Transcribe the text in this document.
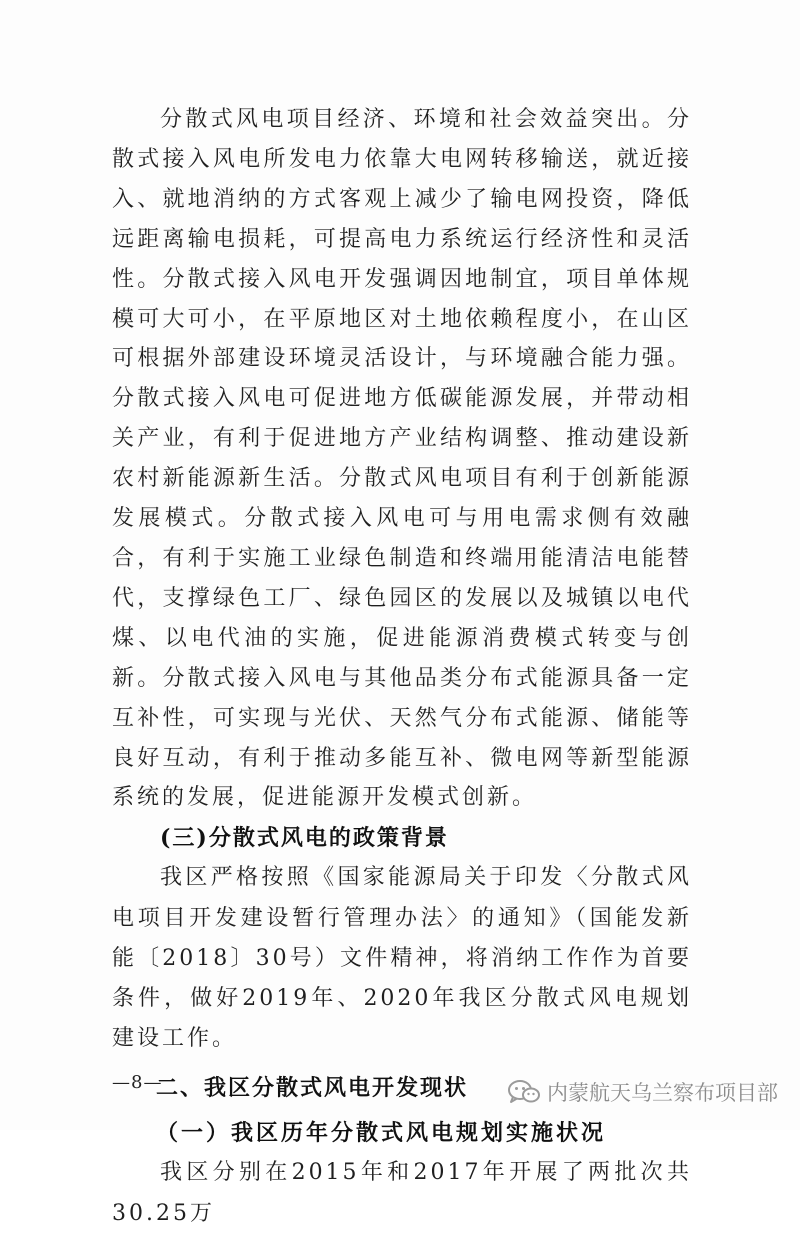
分散式风电项目经济、环境和社会效益突出。分散式接入风电所发电力依靠大电网转移输送，就近接入、就地消纳的方式客观上减少了输电网投资，降低远距离输电损耗，可提高电力系统运行经济性和灵活性。分散式接入风电开发强调因地制宜，项目单体规模可大可小，在平原地区对土地依赖程度小，在山区可根据外部建设环境灵活设计，与环境融合能力强。分散式接入风电可促进地方低碳能源发展，并带动相关产业，有利于促进地方产业结构调整、推动建设新农村新能源新生活。分散式风电项目有利于创新能源发展模式。分散式接入风电可与用电需求侧有效融合，有利于实施工业绿色制造和终端用能清洁电能替代，支撑绿色工厂、绿色园区的发展以及城镇以电代煤、以电代油的实施，促进能源消费模式转变与创新。分散式接入风电与其他品类分布式能源具备一定互补性，可实现与光伏、天然气分布式能源、储能等良好互动，有利于推动多能互补、微电网等新型能源系统的发展，促进能源开发模式创新。

(三)分散式风电的政策背景

我区严格按照《国家能源局关于印发〈分散式风电项目开发建设暂行管理办法〉的通知》（国能发新能〔2018〕30号）文件精神，将消纳工作作为首要条件，做好2019年、2020年我区分散式风电规划建设工作。

二、我区分散式风电开发现状

（一）我区历年分散式风电规划实施状况

我区分别在2015年和2017年开展了两批次共30.25万

—8—	内蒙航天乌兰察布项目部
